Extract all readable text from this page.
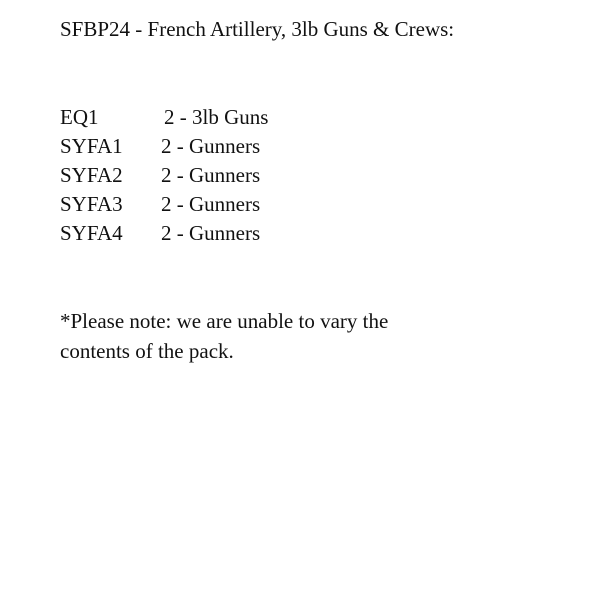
SFBP24 - French Artillery, 3lb Guns & Crews:
EQ1	2 - 3lb Guns
SYFA1 2 - Gunners
SYFA2 2 - Gunners
SYFA3 2 - Gunners
SYFA4 2 - Gunners
*Please note: we are unable to vary the
contents of the pack.
